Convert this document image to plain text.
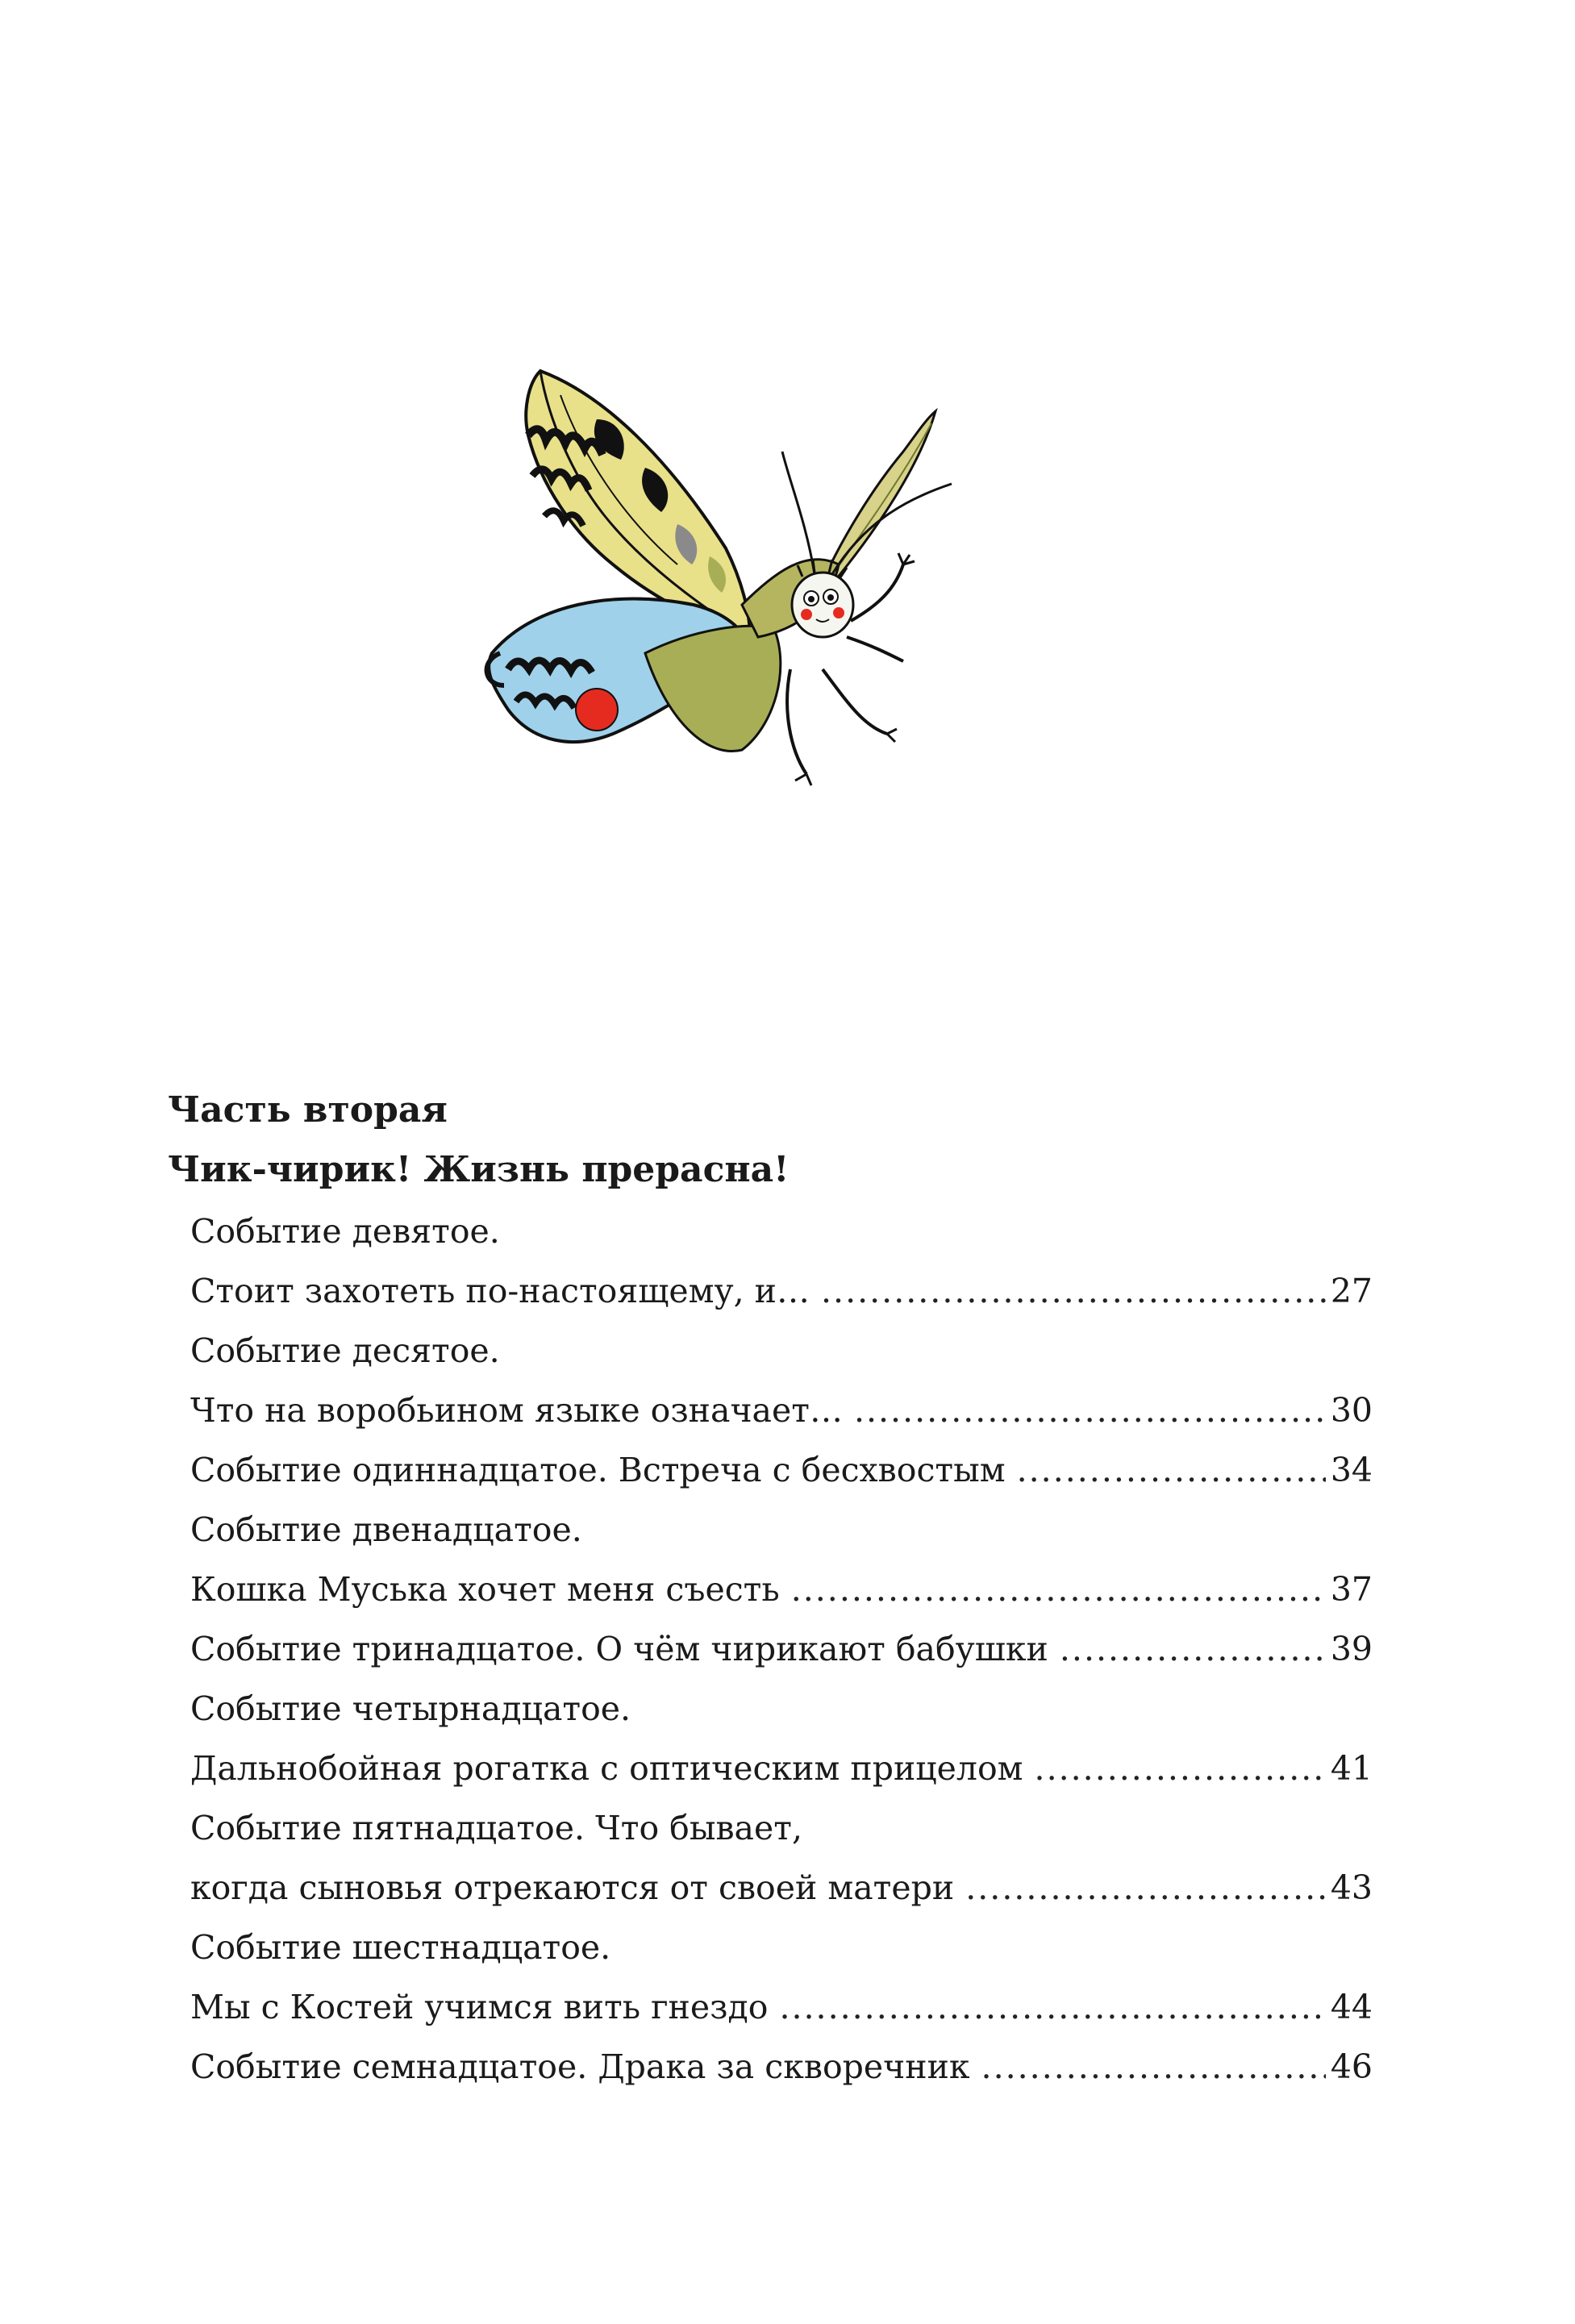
Часть вторая
Чик-чирик! Жизнь прерасна!
Событие девятое.
Стоит захотеть по-настоящему, и… .....	27
Событие десятое.
Что на воробьином языке означает… .....	30
Событие одиннадцатое. Встреча с бесхвостым .....	34
Событие двенадцатое.
Кошка Муська хочет меня съесть .....	37
Событие тринадцатое. О чём чирикают бабушки .....	39
Событие четырнадцатое.
Дальнобойная рогатка с оптическим прицелом .....	41
Событие пятнадцатое. Что бывает,
когда сыновья отрекаются от своей матери .....	43
Событие шестнадцатое.
Мы с Костей учимся вить гнездо .....	44
Событие семнадцатое. Драка за скворечник .....	46
